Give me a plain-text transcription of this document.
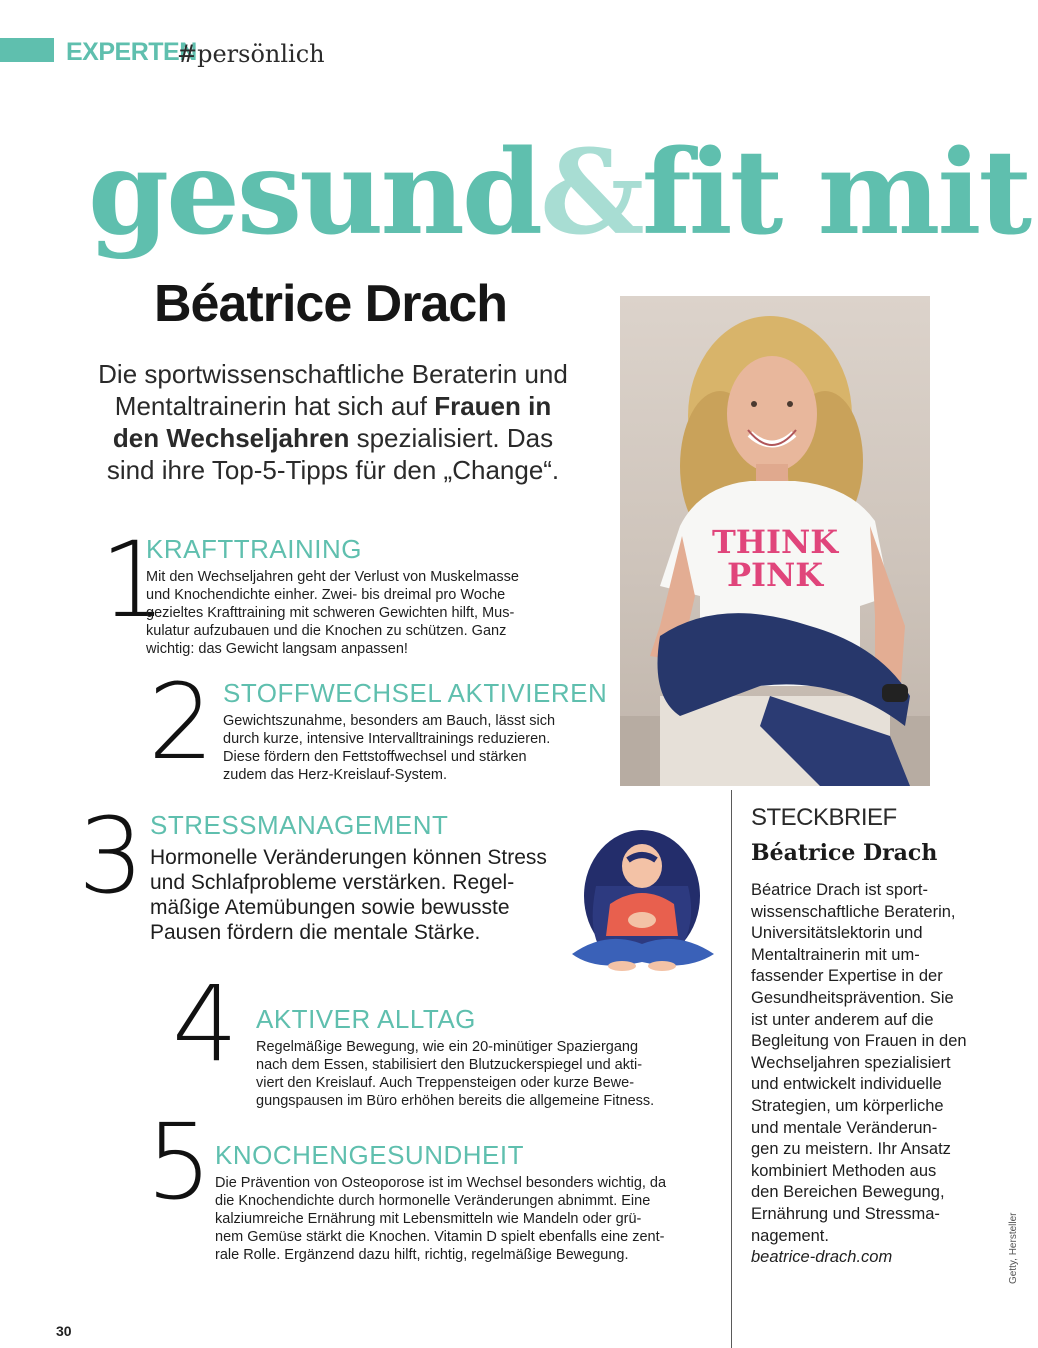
EXPERTEN
#persönlich
gesund&fit mit
Béatrice Drach
Die sportwissenschaftliche Beraterin und Mentaltrainerin hat sich auf Frauen in den Wechseljahren spezialisiert. Das sind ihre Top-5-Tipps für den „Change“.
THINK
PINK
1
KRAFTTRAINING
Mit den Wechseljahren geht der Verlust von Muskelmasse
und Knochendichte einher. Zwei- bis dreimal pro Woche
gezieltes Krafttraining mit schweren Gewichten hilft, Mus-
kulatur aufzubauen und die Knochen zu schützen. Ganz
wichtig: das Gewicht langsam anpassen!
2 STOFFWECHSEL AKTIVIEREN
Gewichtszunahme, besonders am Bauch, lässt sich
durch kurze, intensive Intervalltrainings reduzieren.
Diese fördern den Fettstoffwechsel und stärken
zudem das Herz-Kreislauf-System.
3 STRESSMANAGEMENT
Hormonelle Veränderungen können Stress
und Schlafprobleme verstärken. Regel-
mäßige Atemübungen sowie bewusste
Pausen fördern die mentale Stärke.
4 AKTIVER ALLTAG
Regelmäßige Bewegung, wie ein 20-minütiger Spaziergang
nach dem Essen, stabilisiert den Blutzuckerspiegel und akti-
viert den Kreislauf. Auch Treppensteigen oder kurze Bewe-
gungspausen im Büro erhöhen bereits die allgemeine Fitness.
5 KNOCHENGESUNDHEIT
Die Prävention von Osteoporose ist im Wechsel besonders wichtig, da
die Knochendichte durch hormonelle Veränderungen abnimmt. Eine
kalziumreiche Ernährung mit Lebensmitteln wie Mandeln oder grü-
nem Gemüse stärkt die Knochen. Vitamin D spielt ebenfalls eine zent-
rale Rolle. Ergänzend dazu hilft, richtig, regelmäßige Bewegung.
STECKBRIEF
Béatrice Drach
Béatrice Drach ist sport-
wissenschaftliche Beraterin,
Universitätslektorin und
Mentaltrainerin mit um-
fassender Expertise in der
Gesundheitsprävention. Sie
ist unter anderem auf die
Begleitung von Frauen in den
Wechseljahren spezialisiert
und entwickelt individuelle
Strategien, um körperliche
und mentale Veränderun-
gen zu meistern. Ihr Ansatz
kombiniert Methoden aus
den Bereichen Bewegung,
Ernährung und Stressma-
nagement.
beatrice-drach.com	Getty, Hersteller
30
